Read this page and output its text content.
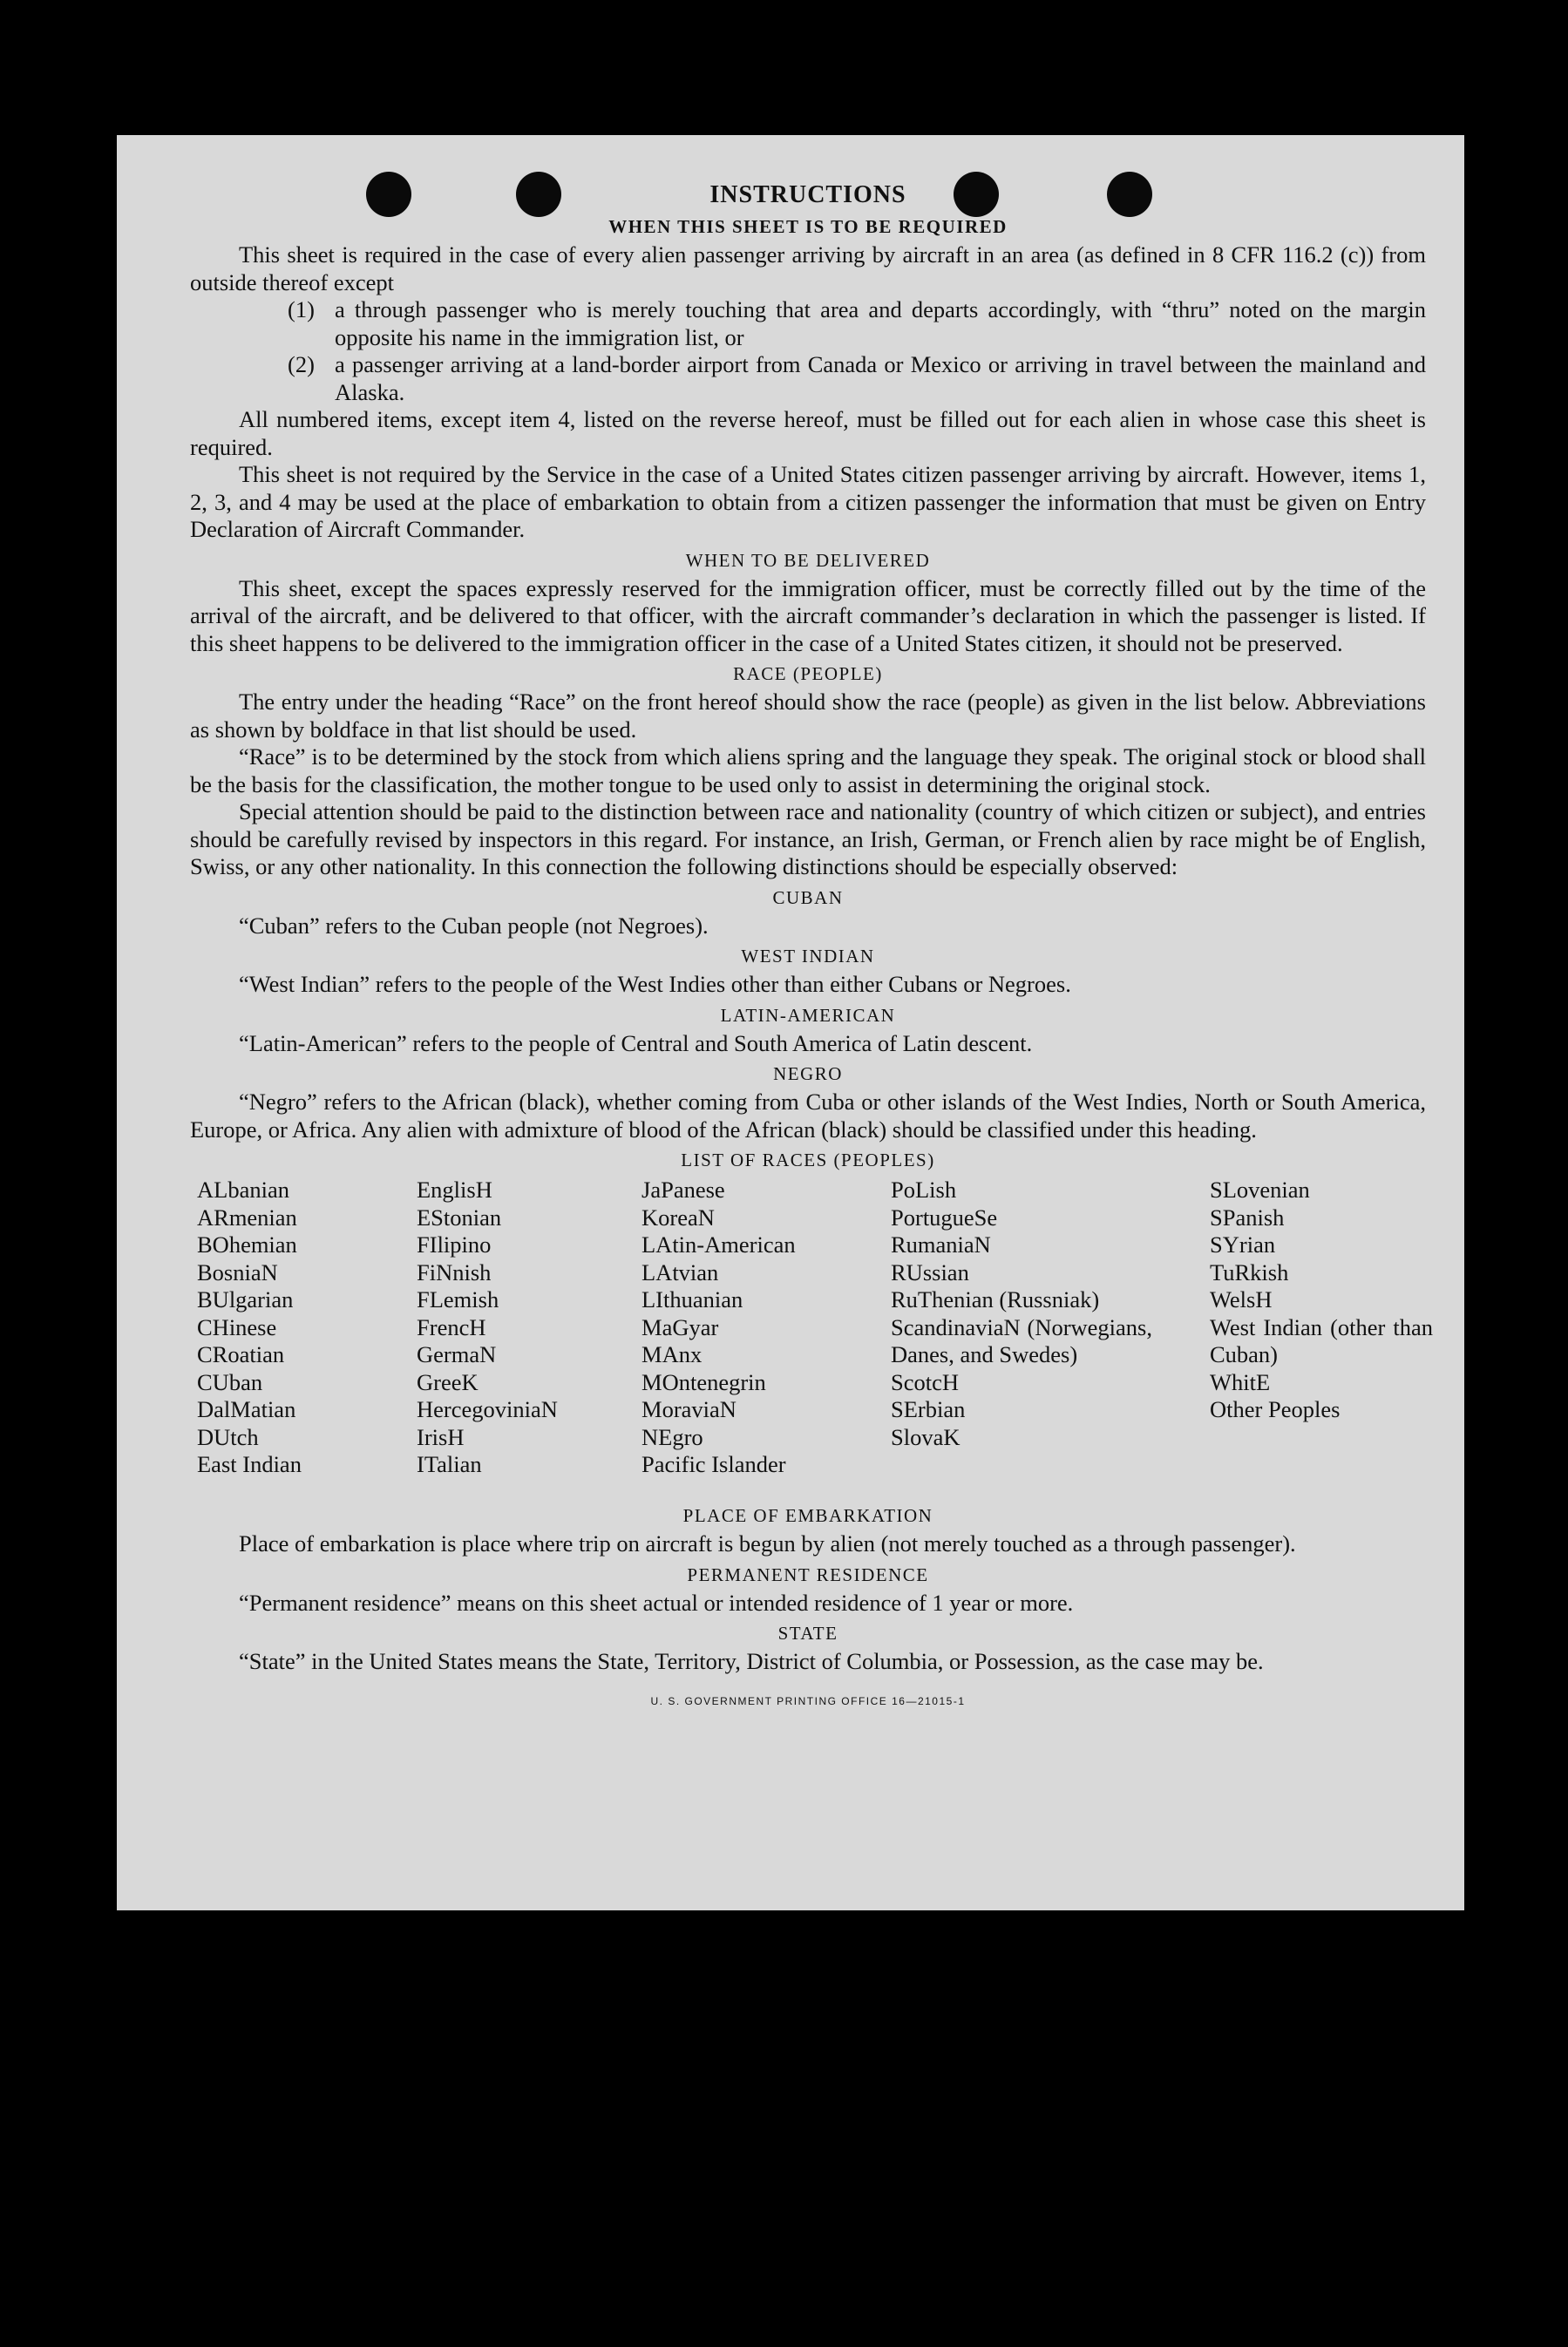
INSTRUCTIONS
WHEN THIS SHEET IS TO BE REQUIRED

This sheet is required in the case of every alien passenger arriving by aircraft in an area (as defined in 8 CFR 116.2 (c)) from outside thereof except

(1) a through passenger who is merely touching that area and departs accordingly, with “thru” noted on the margin opposite his name in the immigration list, or
(2) a passenger arriving at a land-border airport from Canada or Mexico or arriving in travel between the mainland and Alaska.

All numbered items, except item 4, listed on the reverse hereof, must be filled out for each alien in whose case this sheet is required.

This sheet is not required by the Service in the case of a United States citizen passenger arriving by aircraft. However, items 1, 2, 3, and 4 may be used at the place of embarkation to obtain from a citizen passenger the information that must be given on Entry Declaration of Aircraft Commander.

WHEN TO BE DELIVERED

This sheet, except the spaces expressly reserved for the immigration officer, must be correctly filled out by the time of the arrival of the aircraft, and be delivered to that officer, with the aircraft commander’s declaration in which the passenger is listed. If this sheet happens to be delivered to the immigration officer in the case of a United States citizen, it should not be preserved.

RACE (PEOPLE)

The entry under the heading “Race” on the front hereof should show the race (people) as given in the list below. Abbreviations as shown by boldface in that list should be used.

“Race” is to be determined by the stock from which aliens spring and the language they speak. The original stock or blood shall be the basis for the classification, the mother tongue to be used only to assist in determining the original stock.

Special attention should be paid to the distinction between race and nationality (country of which citizen or subject), and entries should be carefully revised by inspectors in this regard. For instance, an Irish, German, or French alien by race might be of English, Swiss, or any other nationality. In this connection the following distinctions should be especially observed:

CUBAN

“Cuban” refers to the Cuban people (not Negroes).

WEST INDIAN

“West Indian” refers to the people of the West Indies other than either Cubans or Negroes.

LATIN-AMERICAN

“Latin-American” refers to the people of Central and South America of Latin descent.

NEGRO

“Negro” refers to the African (black), whether coming from Cuba or other islands of the West Indies, North or South America, Europe, or Africa. Any alien with admixture of blood of the African (black) should be classified under this heading.

LIST OF RACES (PEOPLES)
ALbanian
ARmenian
BOhemian
BosniaN
BUlgarian
CHinese
CRoatian
CUban
DalMatian
DUtch
East Indian
EnglisH
EStonian
FIlipino
FiNnish
FLemish
FrencH
GermaN
GreeK
HercegoviniaN
IrisH
ITalian
JaPanese
KoreaN
LAtin-American
LAtvian
LIthuanian
MaGyar
MAnx
MOntenegrin
MoraviaN
NEgro
Pacific Islander
PoLish
PortugueSe
RumaniaN
RUssian
RuThenian (Russniak)
ScandinaviaN (Norwegians, Danes, and Swedes)
ScotcH
SErbian
SlovaK
SLovenian
SPanish
SYrian
TuRkish
WelsH
West Indian (other than Cuban)
WhitE
Other Peoples
PLACE OF EMBARKATION

Place of embarkation is place where trip on aircraft is begun by alien (not merely touched as a through passenger).

PERMANENT RESIDENCE

“Permanent residence” means on this sheet actual or intended residence of 1 year or more.

STATE

“State” in the United States means the State, Territory, District of Columbia, or Possession, as the case may be.

U. S. GOVERNMENT PRINTING OFFICE 16—21015-1
